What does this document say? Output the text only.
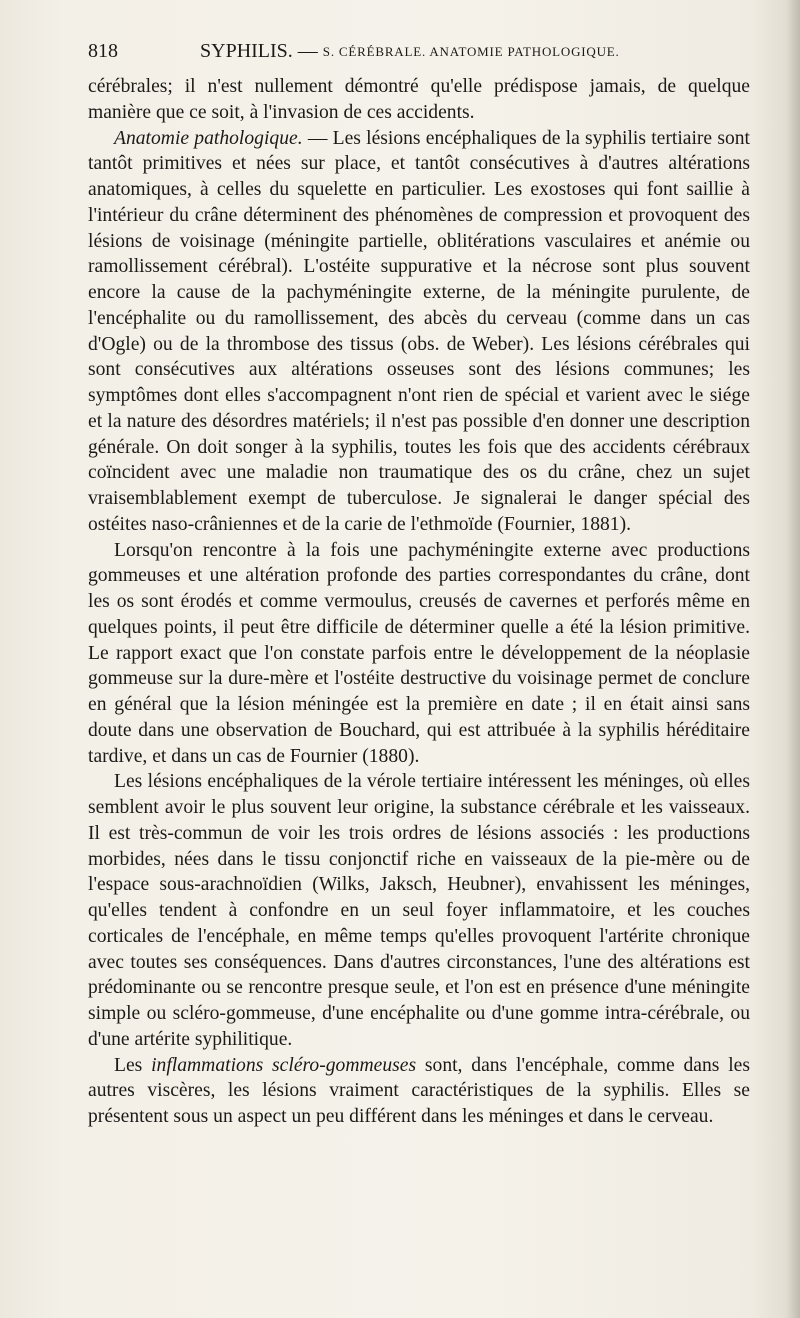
818	SYPHILIS. — S. CÉRÉBRALE. ANATOMIE PATHOLOGIQUE.

cérébrales; il n'est nullement démontré qu'elle prédispose jamais, de quelque manière que ce soit, à l'invasion de ces accidents.

Anatomie pathologique. — Les lésions encéphaliques de la syphilis tertiaire sont tantôt primitives et nées sur place, et tantôt consécutives à d'autres altérations anatomiques, à celles du squelette en particulier. Les exostoses qui font saillie à l'intérieur du crâne déterminent des phénomènes de compression et provoquent des lésions de voisinage (méningite partielle, oblitérations vasculaires et anémie ou ramollissement cérébral). L'ostéite suppurative et la nécrose sont plus souvent encore la cause de la pachyméningite externe, de la méningite purulente, de l'encéphalite ou du ramollissement, des abcès du cerveau (comme dans un cas d'Ogle) ou de la thrombose des tissus (obs. de Weber). Les lésions cérébrales qui sont consécutives aux altérations osseuses sont des lésions communes; les symptômes dont elles s'accompagnent n'ont rien de spécial et varient avec le siége et la nature des désordres matériels; il n'est pas possible d'en donner une description générale. On doit songer à la syphilis, toutes les fois que des accidents cérébraux coïncident avec une maladie non traumatique des os du crâne, chez un sujet vraisemblablement exempt de tuberculose. Je signalerai le danger spécial des ostéites naso-crâniennes et de la carie de l'ethmoïde (Fournier, 1881).

Lorsqu'on rencontre à la fois une pachyméningite externe avec productions gommeuses et une altération profonde des parties correspondantes du crâne, dont les os sont érodés et comme vermoulus, creusés de cavernes et perforés même en quelques points, il peut être difficile de déterminer quelle a été la lésion primitive. Le rapport exact que l'on constate parfois entre le développement de la néoplasie gommeuse sur la dure-mère et l'ostéite destructive du voisinage permet de conclure en général que la lésion méningée est la première en date ; il en était ainsi sans doute dans une observation de Bouchard, qui est attribuée à la syphilis héréditaire tardive, et dans un cas de Fournier (1880).

Les lésions encéphaliques de la vérole tertiaire intéressent les méninges, où elles semblent avoir le plus souvent leur origine, la substance cérébrale et les vaisseaux. Il est très-commun de voir les trois ordres de lésions associés : les productions morbides, nées dans le tissu conjonctif riche en vaisseaux de la pie-mère ou de l'espace sous-arachnoïdien (Wilks, Jaksch, Heubner), envahissent les méninges, qu'elles tendent à confondre en un seul foyer inflammatoire, et les couches corticales de l'encéphale, en même temps qu'elles provoquent l'artérite chronique avec toutes ses conséquences. Dans d'autres circonstances, l'une des altérations est prédominante ou se rencontre presque seule, et l'on est en présence d'une méningite simple ou scléro-gommeuse, d'une encéphalite ou d'une gomme intra-cérébrale, ou d'une artérite syphilitique.

Les inflammations scléro-gommeuses sont, dans l'encéphale, comme dans les autres viscères, les lésions vraiment caractéristiques de la syphilis. Elles se présentent sous un aspect un peu différent dans les méninges et dans le cerveau.
